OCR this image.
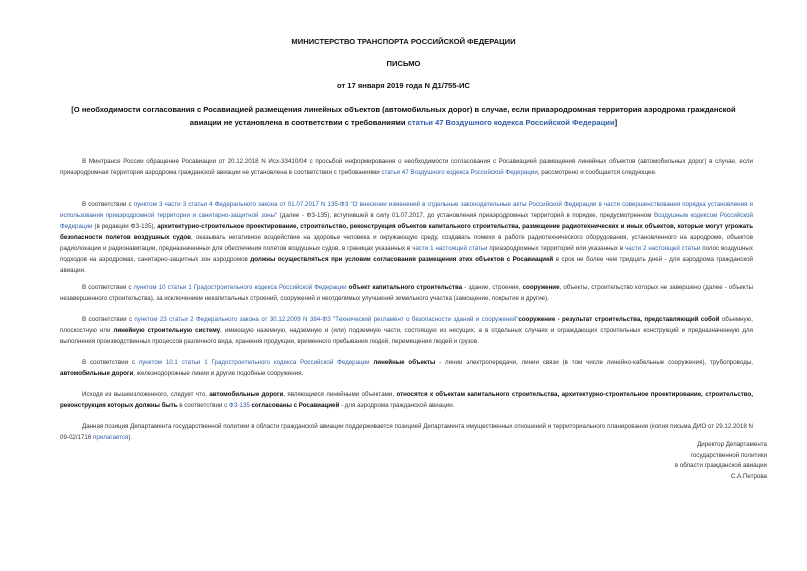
МИНИСТЕРСТВО ТРАНСПОРТА РОССИЙСКОЙ ФЕДЕРАЦИИ
ПИСЬМО
от 17 января 2019 года N Д1/755-ИС
[О необходимости согласования с Росавиацией размещения линейных объектов (автомобильных дорог) в случае, если приаэродромная территория аэродрома гражданской авиации не установлена в соответствии с требованиями статьи 47 Воздушного кодекса Российской Федерации]
В Минтрансе России обращение Росавиации от 20.12.2018 N Исх-33410/04 с просьбой информирования о необходимости согласования с Росавиацией размещения линейных объектов (автомобильных дорог) в случае, если приаэродромная территория аэродрома гражданской авиации не установлена в соответствии с требованиями статьи 47 Воздушного кодекса Российской Федерации, рассмотрено и сообщается следующее.
В соответствии с пунктом 3 части 3 статьи 4 Федерального закона от 01.07.2017 N 135-ФЗ "О внесении изменений в отдельные законодательные акты Российской Федерации в части совершенствования порядка установления и использования приаэродромной территории и санитарно-защитной зоны" (далее - ФЗ-135), вступившей в силу 01.07.2017, до установления приаэродромных территорий в порядке, предусмотренном Воздушным кодексом Российской Федерации (в редакции ФЗ-135), архитектурно-строительное проектирование, строительство, реконструкция объектов капитального строительства, размещение радиотехнических и иных объектов, которые могут угрожать безопасности полетов воздушных судов, оказывать негативное воздействие на здоровье человека и окружающую среду, создавать помехи в работе радиотехнического оборудования, установленного на аэродроме, объектов радиолокации и радионавигации, предназначенных для обеспечения полетов воздушных судов, в границах указанных в части 1 настоящей статьи приаэродромных территорий или указанных в части 2 настоящей статьи полос воздушных подходов на аэродромах, санитарно-защитных зон аэродромов должны осуществляться при условии согласования размещения этих объектов с Росавиацией в срок не более чем тридцать дней - для аэродрома гражданской авиации.
В соответствии с пунктом 10 статьи 1 Градостроительного кодекса Российской Федерации объект капитального строительства - здание, строение, сооружение, объекты, строительство которых не завершено (далее - объекты незавершенного строительства), за исключением некапитальных строений, сооружений и неотделимых улучшений земельного участка (замощение, покрытие и другие).
В соответствии с пунктом 23 статьи 2 Федерального закона от 30.12.2009 N 384-ФЗ "Технический регламент о безопасности зданий и сооружений"сооружение - результат строительства, представляющий собой объемную, плоскостную или линейную строительную систему, имеющую наземную, надземную и (или) подземную части, состоящую из несущих, а в отдельных случаях и ограждающих строительных конструкций и предназначенную для выполнения производственных процессов различного вида, хранения продукции, временного пребывания людей, перемещения людей и грузов.
В соответствии с пунктом 10.1 статьи 1 Градостроительного кодекса Российской Федерации линейные объекты - линии электропередачи, линии связи (в том числе линейно-кабельные сооружения), трубопроводы, автомобильные дороги, железнодорожные линии и другие подобные сооружения.
Исходя из вышеизложенного, следует что, автомобильные дороги, являющиеся линейными объектами, относятся к объектам капитального строительства, архитектурно-строительное проектирование, строительство, реконструкция которых должны быть в соответствии с ФЗ-135 согласованы с Росавиацией - для аэродрома гражданской авиации.
Данная позиция Департамента государственной политики в области гражданской авиации поддерживается позицией Департамента имущественных отношений и территориального планирования (копия письма ДИО от 29.12.2018 N 09-02/1716 прилагается).
Директор Департамента
государственной политики
в области гражданской авиации
С.А.Петрова
